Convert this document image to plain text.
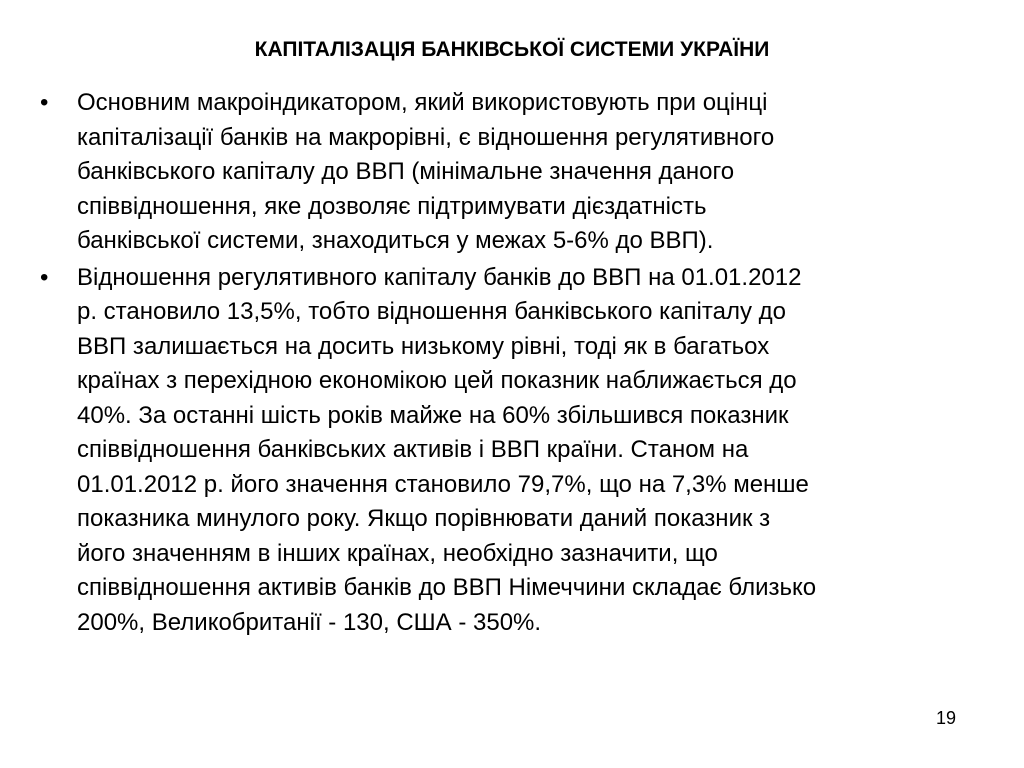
КАПІТАЛІЗАЦІЯ БАНКІВСЬКОЇ СИСТЕМИ УКРАЇНИ
•	Основним макроіндикатором, який використовують при оцінці
капіталізації банків на макрорівні, є відношення регулятивного
банківського капіталу до ВВП (мінімальне значення даного
співвідношення, яке дозволяє підтримувати дієздатність
банківської системи, знаходиться у межах 5-6% до ВВП).
•	Відношення регулятивного капіталу банків до ВВП на 01.01.2012
р. становило 13,5%, тобто відношення банківського капіталу до
ВВП залишається на досить низькому рівні, тоді як в багатьох
країнах з перехідною економікою цей показник наближається до
40%. За останні шість років майже на 60% збільшився показник
співвідношення банківських активів і ВВП країни. Станом на
01.01.2012 р. його значення становило 79,7%, що на 7,3% менше
показника минулого року. Якщо порівнювати даний показник з
його значенням в інших країнах, необхідно зазначити, що
співвідношення активів банків до ВВП Німеччини складає близько
200%, Великобританії - 130, США - 350%.
19
